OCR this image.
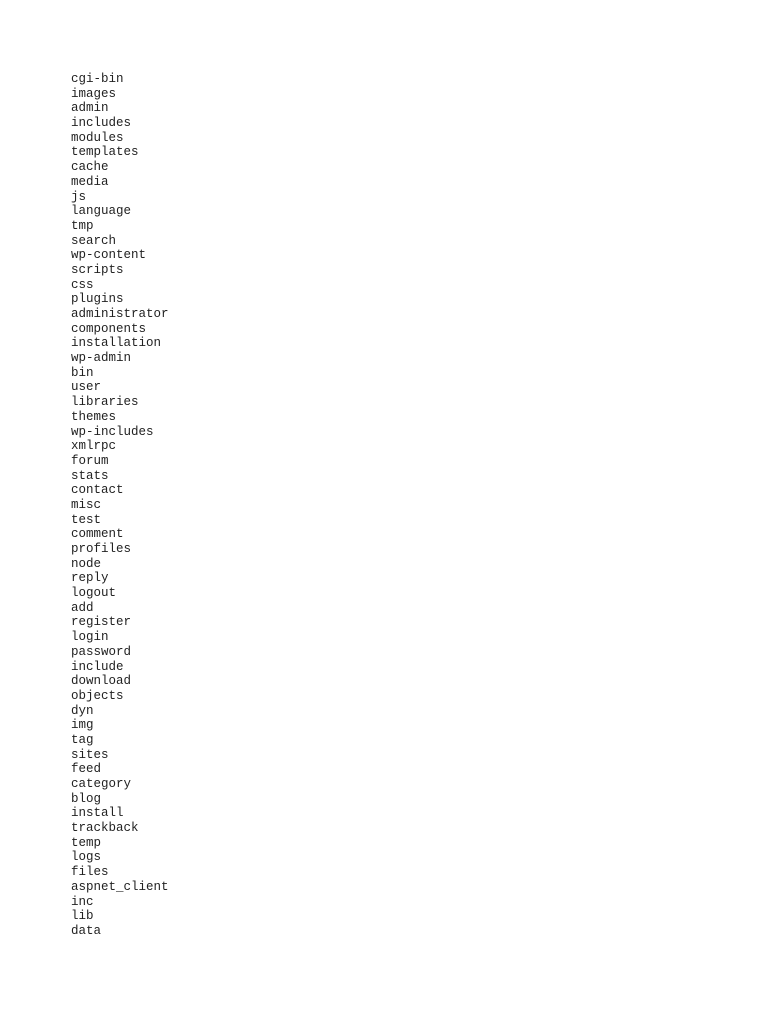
cgi-bin
images
admin
includes
modules
templates
cache
media
js
language
tmp
search
wp-content
scripts
css
plugins
administrator
components
installation
wp-admin
bin
user
libraries
themes
wp-includes
xmlrpc
forum
stats
contact
misc
test
comment
profiles
node
reply
logout
add
register
login
password
include
download
objects
dyn
img
tag
sites
feed
category
blog
install
trackback
temp
logs
files
aspnet_client
inc
lib
data
